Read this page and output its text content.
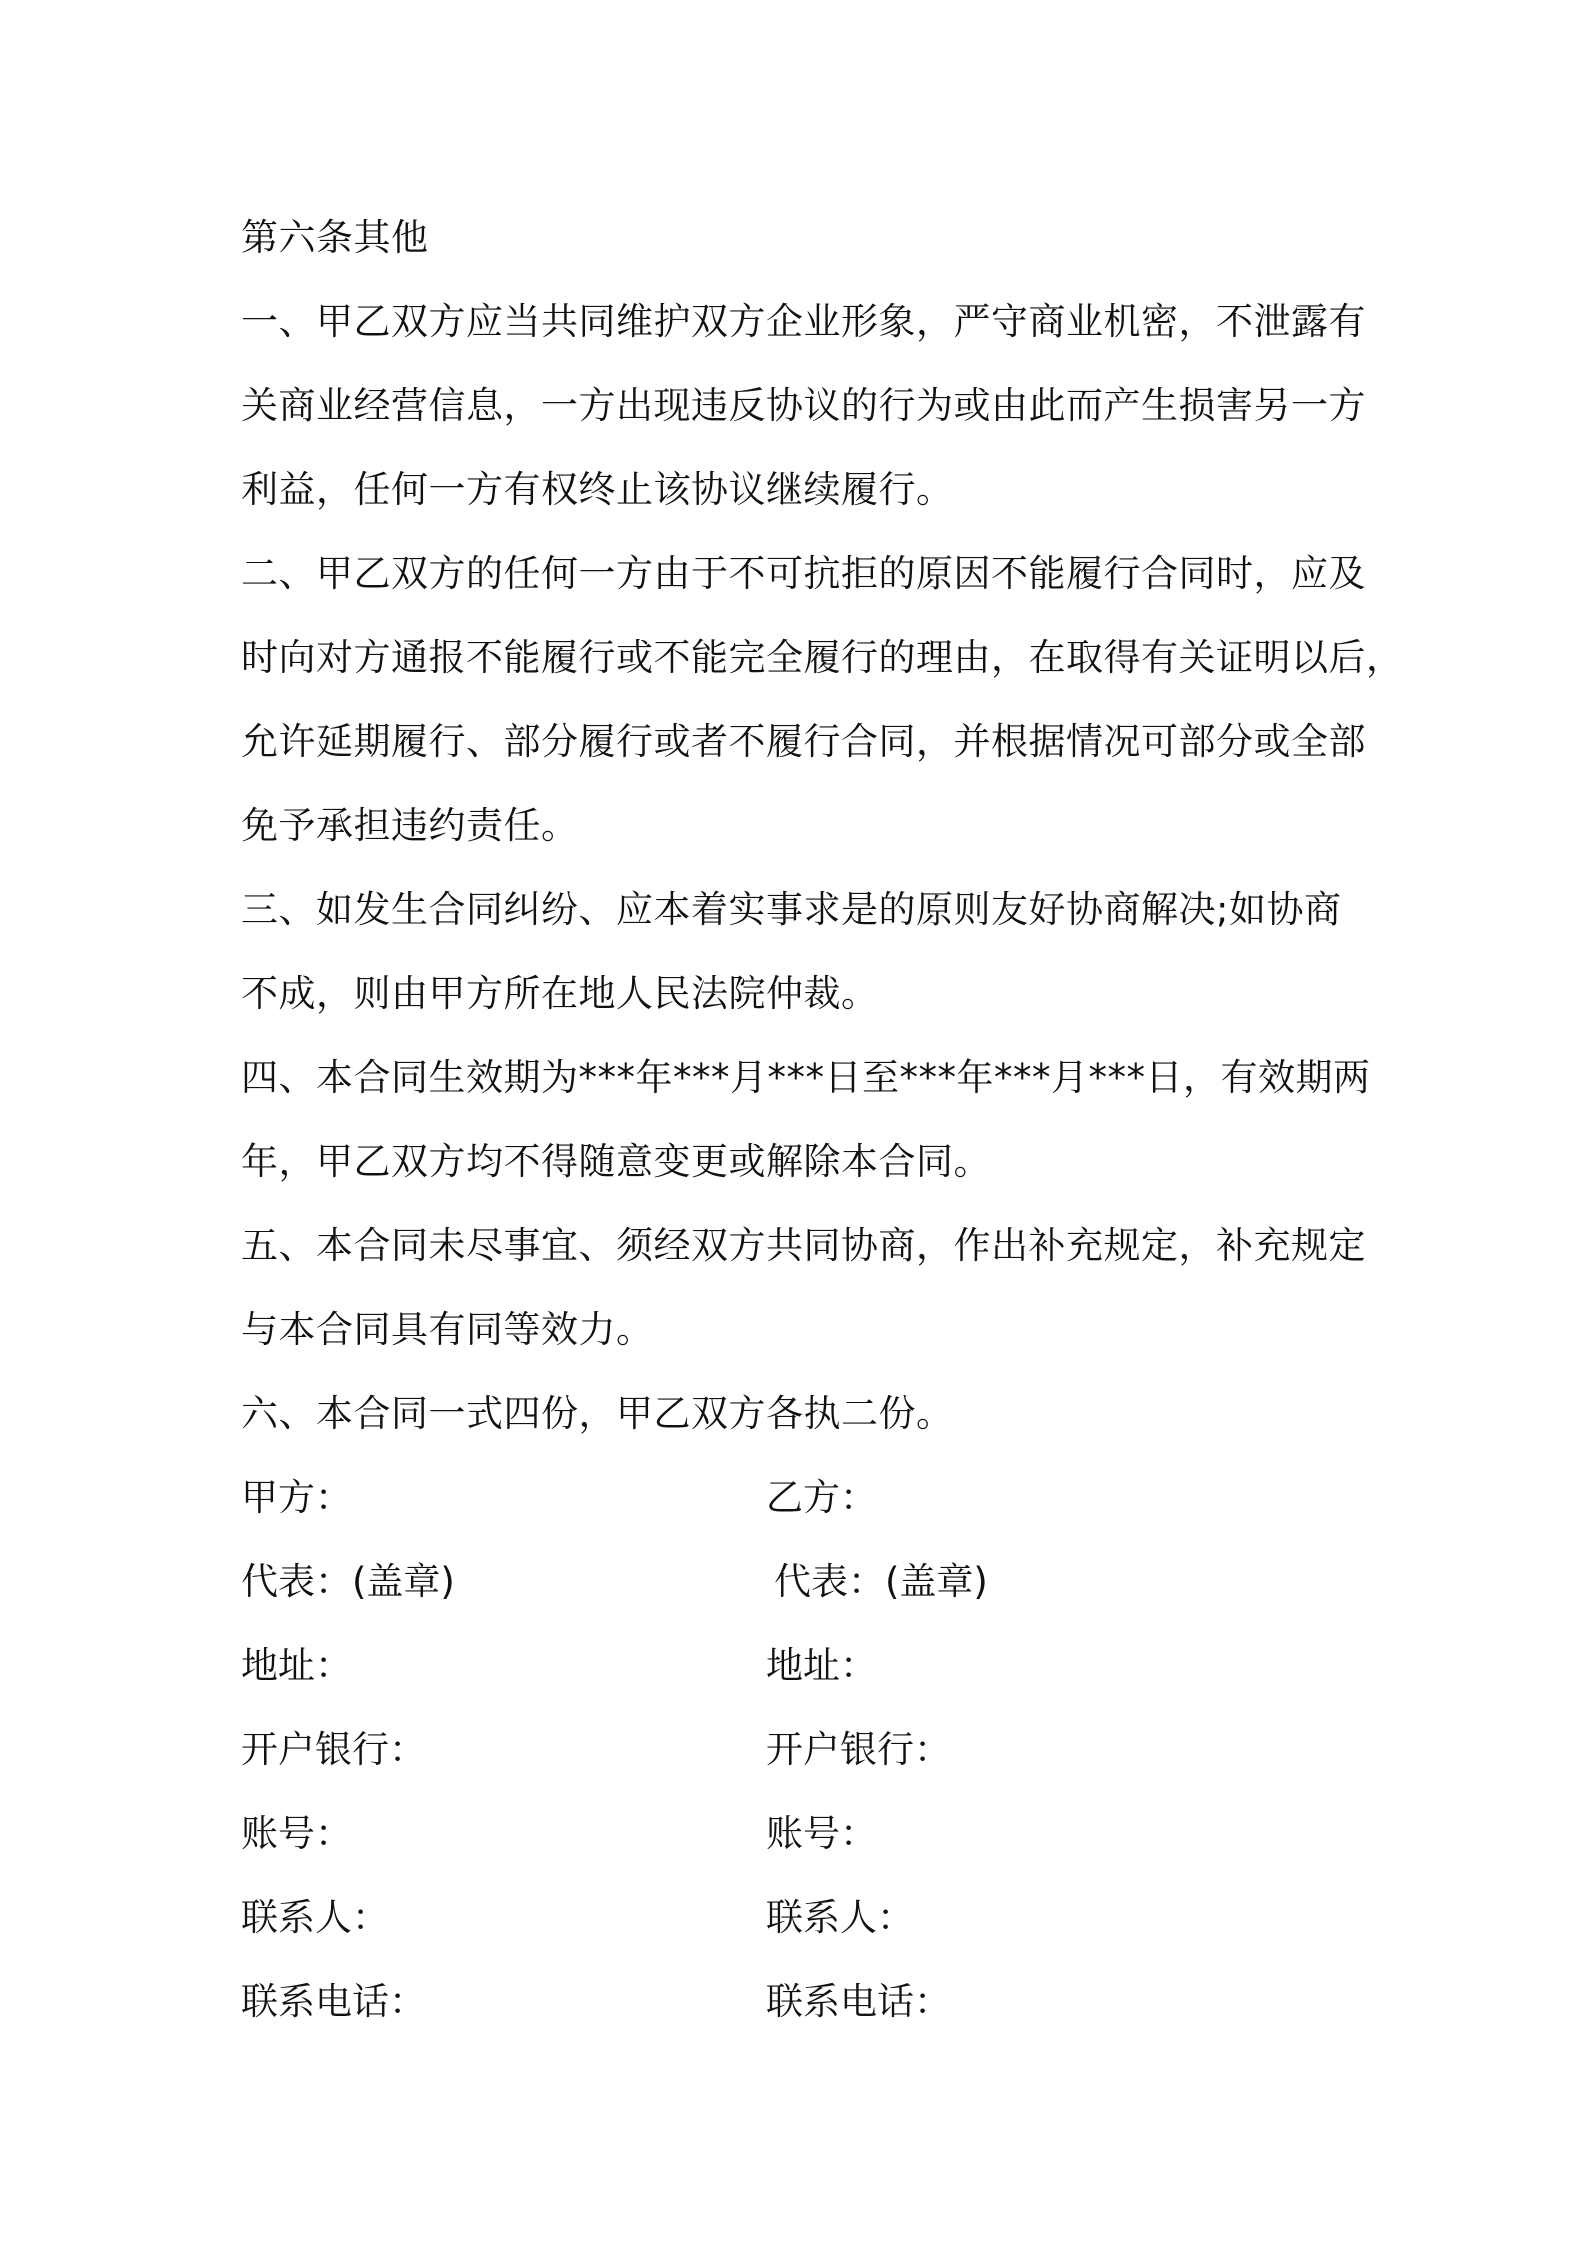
第六条其他
一、甲乙双方应当共同维护双方企业形象，严守商业机密，不泄露有
关商业经营信息，一方出现违反协议的行为或由此而产生损害另一方
利益，任何一方有权终止该协议继续履行。
二、甲乙双方的任何一方由于不可抗拒的原因不能履行合同时，应及
时向对方通报不能履行或不能完全履行的理由，在取得有关证明以后，
允许延期履行、部分履行或者不履行合同，并根据情况可部分或全部
免予承担违约责任。
三、如发生合同纠纷、应本着实事求是的原则友好协商解决;如协商
不成，则由甲方所在地人民法院仲裁。
四、本合同生效期为***年***月***日至***年***月***日，有效期两
年，甲乙双方均不得随意变更或解除本合同。
五、本合同未尽事宜、须经双方共同协商，作出补充规定，补充规定
与本合同具有同等效力。
六、本合同一式四份，甲乙双方各执二份。
甲方：	乙方：
代表：(盖章)	代表：(盖章)
地址：	地址：
开户银行：	开户银行：
账号：	账号：
联系人：	联系人：
联系电话：	联系电话：
